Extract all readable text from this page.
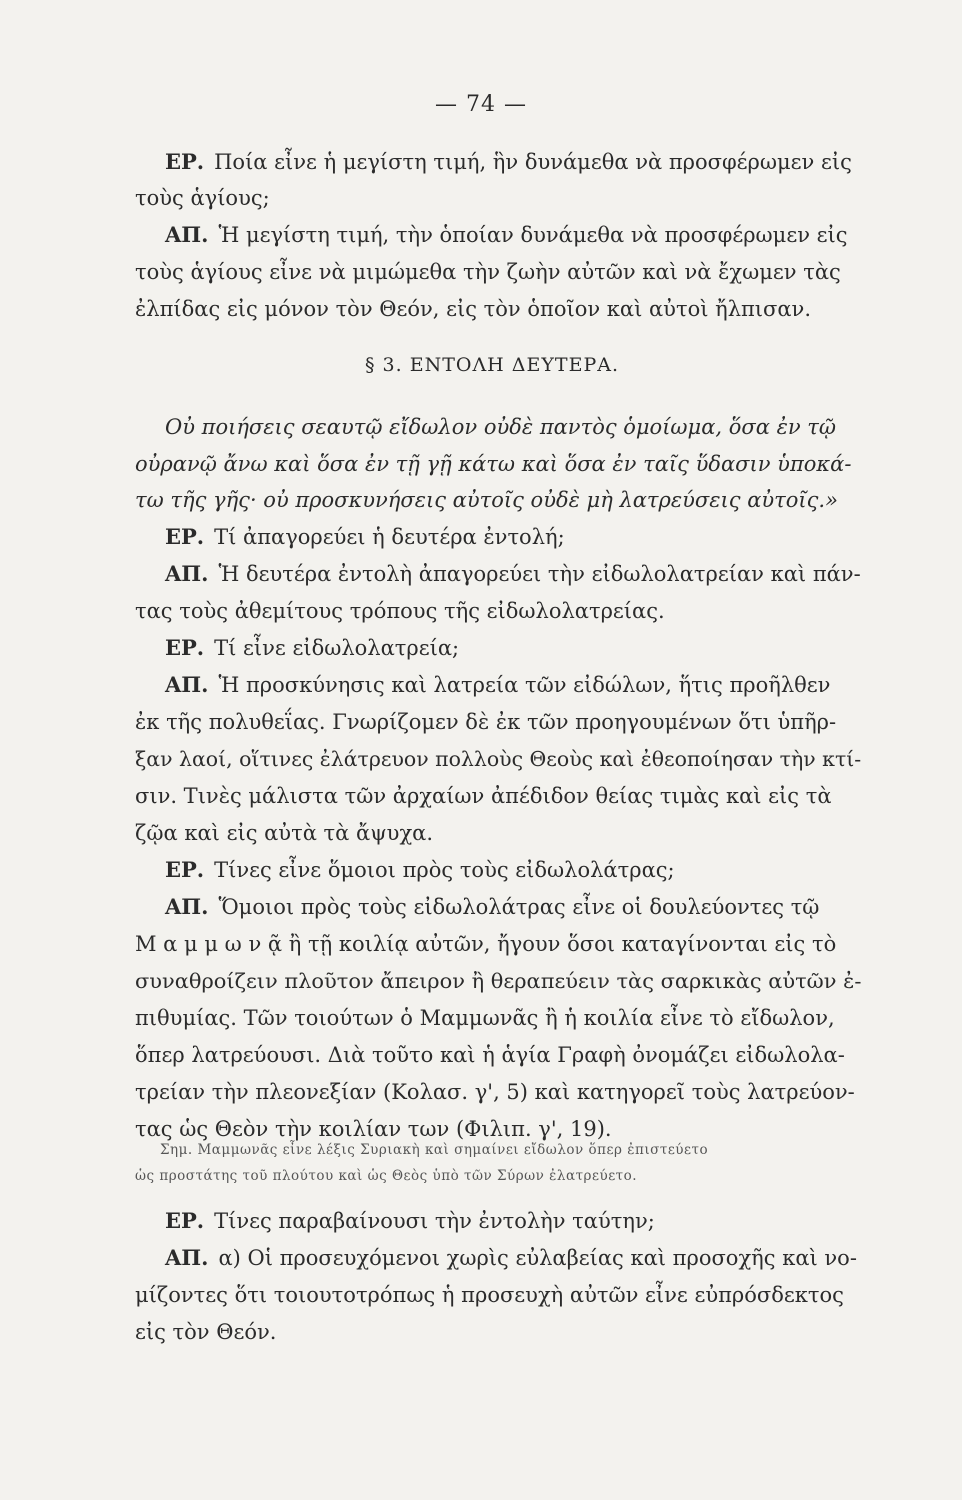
— 74 —
ΕΡ. Ποία εἶνε ἡ μεγίστη τιμή, ἣν δυνάμεθα νὰ προσφέρωμεν εἰς
τοὺς ἁγίους;
ΑΠ. Ἡ μεγίστη τιμή, τὴν ὁποίαν δυνάμεθα νὰ προσφέρωμεν εἰς
τοὺς ἁγίους εἶνε νὰ μιμώμεθα τὴν ζωὴν αὐτῶν καὶ νὰ ἔχωμεν τὰς
ἐλπίδας εἰς μόνον τὸν Θεόν, εἰς τὸν ὁποῖον καὶ αὐτοὶ ἤλπισαν.
§ 3. ΕΝΤΟΛΗ ΔΕΥΤΕΡΑ.
Οὐ ποιήσεις σεαυτῷ εἴδωλον οὐδὲ παντὸς ὁμοίωμα, ὅσα ἐν τῷ
οὐρανῷ ἄνω καὶ ὅσα ἐν τῇ γῇ κάτω καὶ ὅσα ἐν ταῖς ὕδασιν ὑποκά-
τω τῆς γῆς· οὐ προσκυνήσεις αὐτοῖς οὐδὲ μὴ λατρεύσεις αὐτοῖς.»
ΕΡ. Τί ἀπαγορεύει ἡ δευτέρα ἐντολή;
ΑΠ. Ἡ δευτέρα ἐντολὴ ἀπαγορεύει τὴν εἰδωλολατρείαν καὶ πάν-
τας τοὺς ἀθεμίτους τρόπους τῆς εἰδωλολατρείας.
ΕΡ. Τί εἶνε εἰδωλολατρεία;
ΑΠ. Ἡ προσκύνησις καὶ λατρεία τῶν εἰδώλων, ἥτις προῆλθεν
ἐκ τῆς πολυθεΐας. Γνωρίζομεν δὲ ἐκ τῶν προηγουμένων ὅτι ὑπῆρ-
ξαν λαοί, οἵτινες ἐλάτρευον πολλοὺς Θεοὺς καὶ ἐθεοποίησαν τὴν κτί-
σιν. Τινὲς μάλιστα τῶν ἀρχαίων ἀπέδιδον θείας τιμὰς καὶ εἰς τὰ
ζῷα καὶ εἰς αὐτὰ τὰ ἄψυχα.
ΕΡ. Τίνες εἶνε ὅμοιοι πρὸς τοὺς εἰδωλολάτρας;
ΑΠ. Ὅμοιοι πρὸς τοὺς εἰδωλολάτρας εἶνε οἱ δουλεύοντες τῷ
Μ α μ μ ω ν ᾷ ἢ τῇ κοιλίᾳ αὐτῶν, ἤγουν ὅσοι καταγίνονται εἰς τὸ
συναθροίζειν πλοῦτον ἄπειρον ἢ θεραπεύειν τὰς σαρκικὰς αὐτῶν ἐ-
πιθυμίας. Τῶν τοιούτων ὁ Μαμμωνᾶς ἢ ἡ κοιλία εἶνε τὸ εἴδωλον,
ὅπερ λατρεύουσι. Διὰ τοῦτο καὶ ἡ ἁγία Γραφὴ ὀνομάζει εἰδωλολα-
τρείαν τὴν πλεονεξίαν (Κολασ. γ', 5) καὶ κατηγορεῖ τοὺς λατρεύον-
τας ὡς Θεὸν τὴν κοιλίαν των (Φιλιπ. γ', 19).
Σημ. Μαμμωνᾶς εἶνε λέξις Συριακὴ καὶ σημαίνει εἴδωλον ὅπερ ἐπιστεύετο
ὡς προστάτης τοῦ πλούτου καὶ ὡς Θεὸς ὑπὸ τῶν Σύρων ἐλατρεύετο.
ΕΡ. Τίνες παραβαίνουσι τὴν ἐντολὴν ταύτην;
ΑΠ. α) Οἱ προσευχόμενοι χωρὶς εὐλαβείας καὶ προσοχῆς καὶ νο-
μίζοντες ὅτι τοιουτοτρόπως ἡ προσευχὴ αὐτῶν εἶνε εὐπρόσδεκτος
εἰς τὸν Θεόν.
